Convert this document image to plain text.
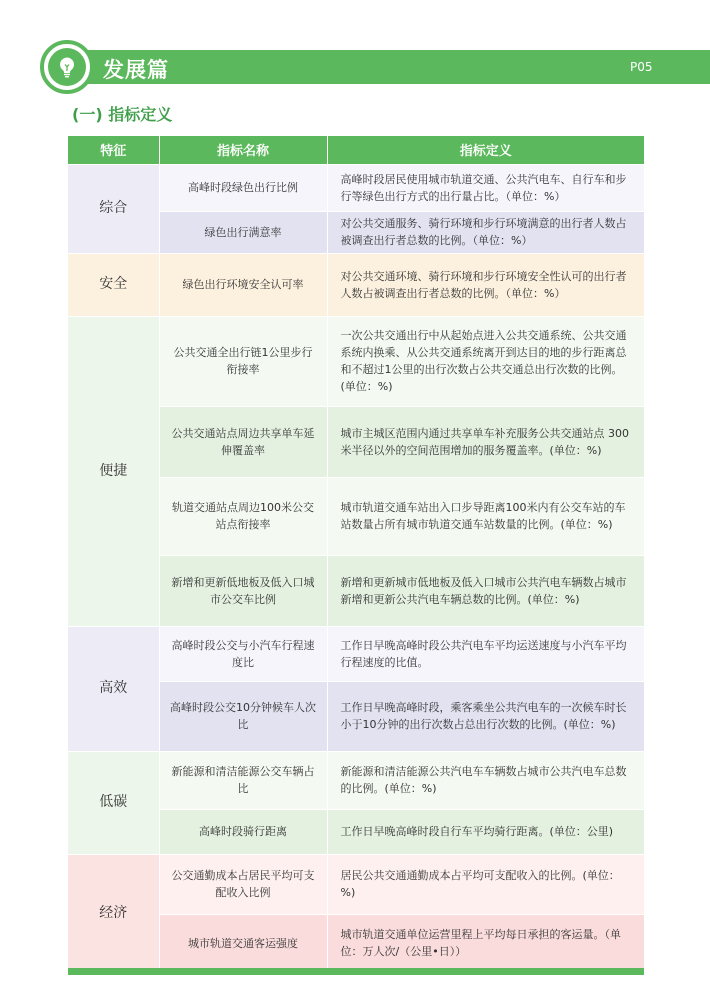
发展篇	P05
(一) 指标定义
特征	指标名称	指标定义
综合	高峰时段绿色出行比例	高峰时段居民使用城市轨道交通、公共汽电车、自行车和步行等绿色出行方式的出行量占比。（单位：%）
	绿色出行满意率	对公共交通服务、骑行环境和步行环境满意的出行者人数占被调查出行者总数的比例。（单位：%）
安全	绿色出行环境安全认可率	对公共交通环境、骑行环境和步行环境安全性认可的出行者人数占被调查出行者总数的比例。（单位：%）
便捷	公共交通全出行链1公里步行衔接率	一次公共交通出行中从起始点进入公共交通系统、公共交通系统内换乘、从公共交通系统离开到达目的地的步行距离总和不超过1公里的出行次数占公共交通总出行次数的比例。(单位：%)
	公共交通站点周边共享单车延伸覆盖率	城市主城区范围内通过共享单车补充服务公共交通站点 300米半径以外的空间范围增加的服务覆盖率。(单位：%)
	轨道交通站点周边100米公交站点衔接率	城市轨道交通车站出入口步导距离100米内有公交车站的车站数量占所有城市轨道交通车站数量的比例。(单位：%)
	新增和更新低地板及低入口城市公交车比例	新增和更新城市低地板及低入口城市公共汽电车辆数占城市新增和更新公共汽电车辆总数的比例。(单位：%)
高效	高峰时段公交与小汽车行程速度比	工作日早晚高峰时段公共汽电车平均运送速度与小汽车平均行程速度的比值。
	高峰时段公交10分钟候车人次比	工作日早晚高峰时段，乘客乘坐公共汽电车的一次候车时长小于10分钟的出行次数占总出行次数的比例。(单位：%)
低碳	新能源和清洁能源公交车辆占比	新能源和清洁能源公共汽电车车辆数占城市公共汽电车总数的比例。(单位：%)
	高峰时段骑行距离	工作日早晚高峰时段自行车平均骑行距离。(单位：公里)
经济	公交通勤成本占居民平均可支配收入比例	居民公共交通通勤成本占平均可支配收入的比例。(单位：%)
	城市轨道交通客运强度	城市轨道交通单位运营里程上平均每日承担的客运量。（单位：万人次/（公里•日））
